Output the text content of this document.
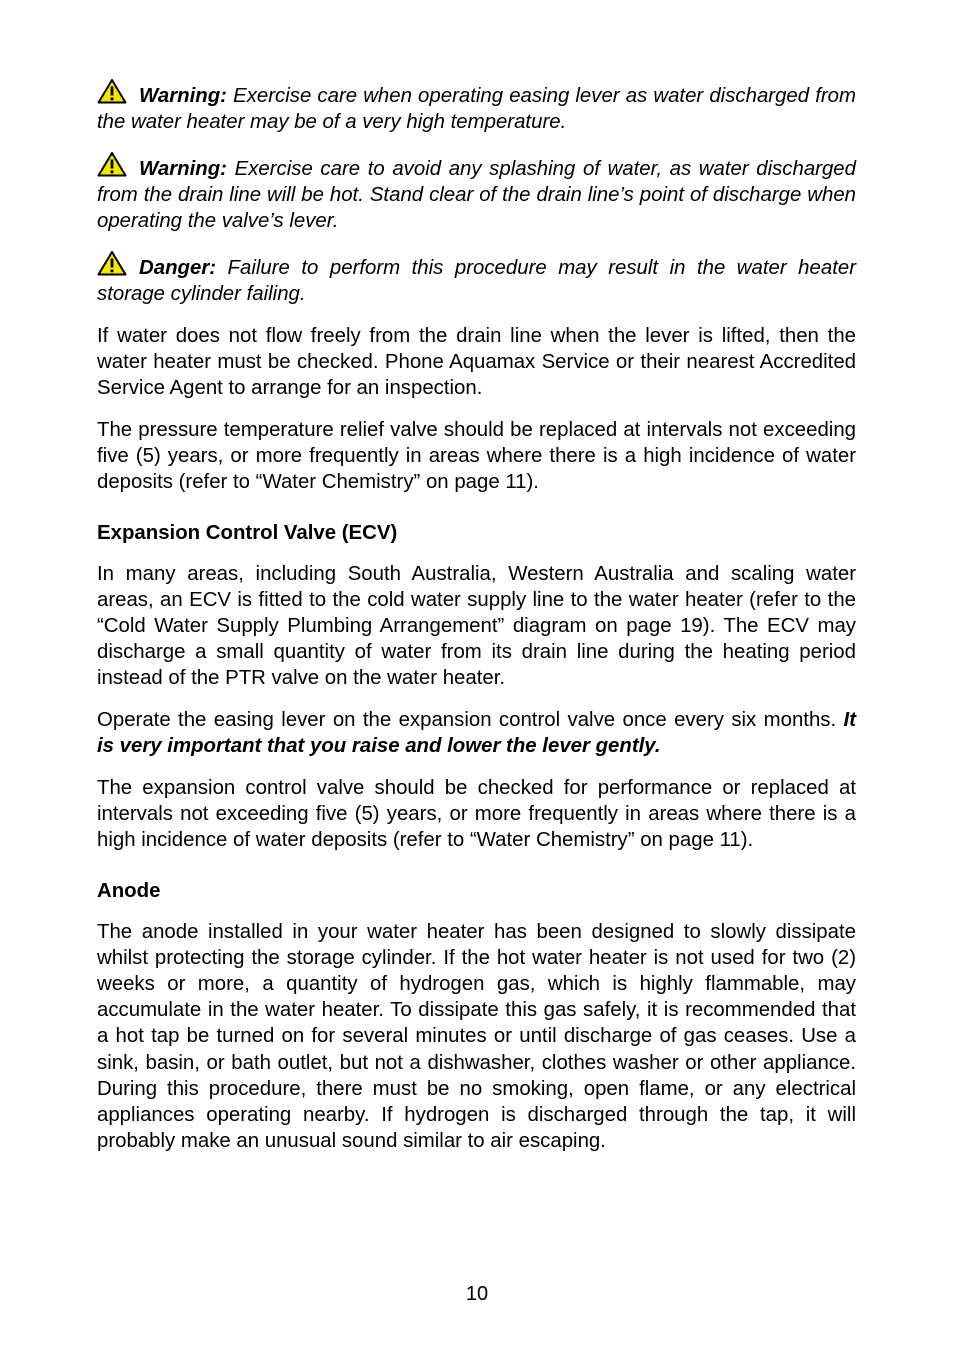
Warning: Exercise care when operating easing lever as water discharged from the water heater may be of a very high temperature.

Warning: Exercise care to avoid any splashing of water, as water discharged from the drain line will be hot. Stand clear of the drain line’s point of discharge when operating the valve’s lever.

Danger: Failure to perform this procedure may result in the water heater storage cylinder failing.

If water does not flow freely from the drain line when the lever is lifted, then the water heater must be checked. Phone Aquamax Service or their nearest Accredited Service Agent to arrange for an inspection.

The pressure temperature relief valve should be replaced at intervals not exceeding five (5) years, or more frequently in areas where there is a high incidence of water deposits (refer to “Water Chemistry” on page 11).

Expansion Control Valve (ECV)

In many areas, including South Australia, Western Australia and scaling water areas, an ECV is fitted to the cold water supply line to the water heater (refer to the “Cold Water Supply Plumbing Arrangement” diagram on page 19). The ECV may discharge a small quantity of water from its drain line during the heating period instead of the PTR valve on the water heater.

Operate the easing lever on the expansion control valve once every six months. It is very important that you raise and lower the lever gently.

The expansion control valve should be checked for performance or replaced at intervals not exceeding five (5) years, or more frequently in areas where there is a high incidence of water deposits (refer to “Water Chemistry” on page 11).

Anode

The anode installed in your water heater has been designed to slowly dissipate whilst protecting the storage cylinder. If the hot water heater is not used for two (2) weeks or more, a quantity of hydrogen gas, which is highly flammable, may accumulate in the water heater. To dissipate this gas safely, it is recommended that a hot tap be turned on for several minutes or until discharge of gas ceases. Use a sink, basin, or bath outlet, but not a dishwasher, clothes washer or other appliance. During this procedure, there must be no smoking, open flame, or any electrical appliances operating nearby. If hydrogen is discharged through the tap, it will probably make an unusual sound similar to air escaping.

10
